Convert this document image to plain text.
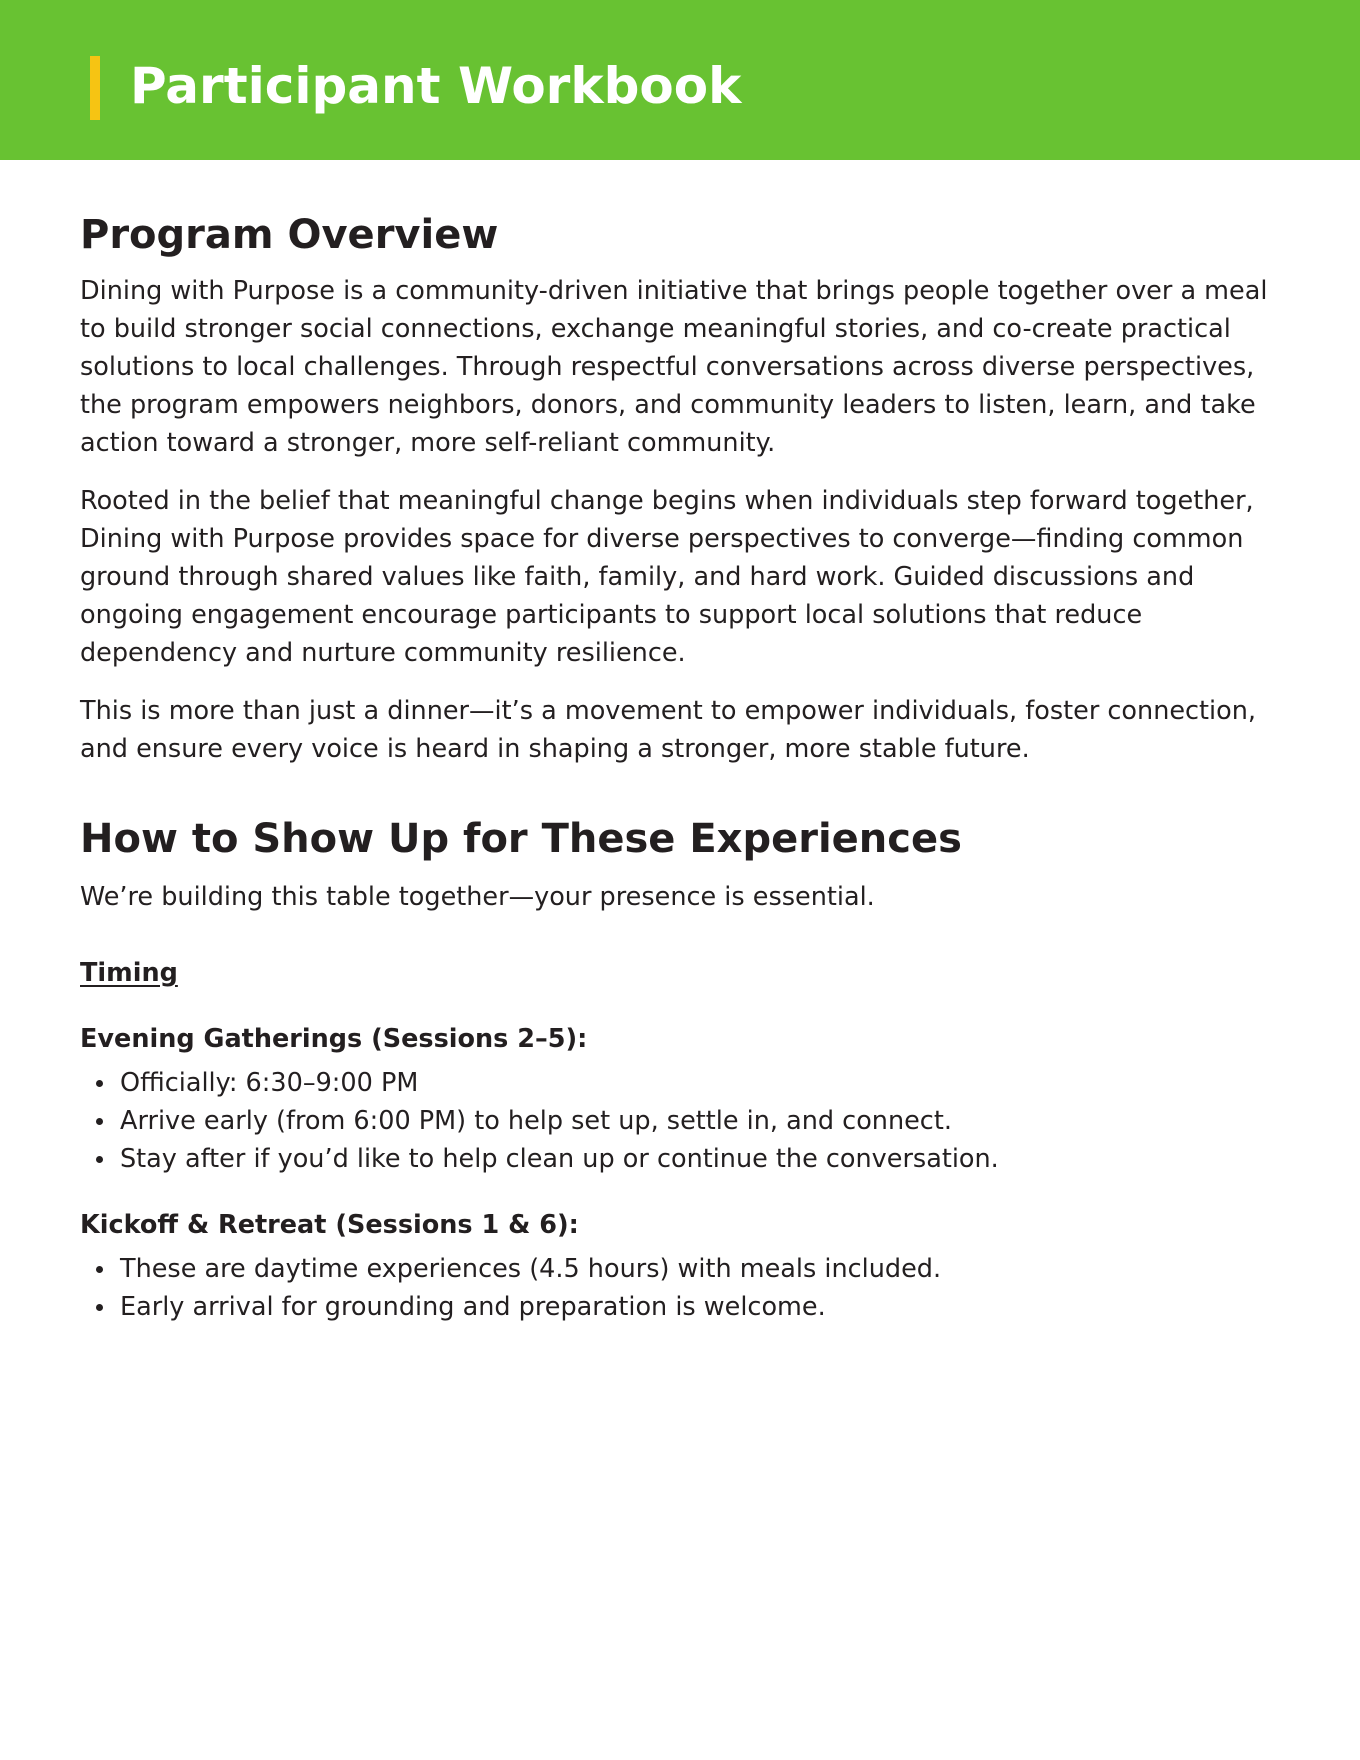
Participant Workbook
Program Overview

Dining with Purpose is a community-driven initiative that brings people together over a meal to build stronger social connections, exchange meaningful stories, and co-create practical solutions to local challenges. Through respectful conversations across diverse perspectives, the program empowers neighbors, donors, and community leaders to listen, learn, and take action toward a stronger, more self-reliant community.

Rooted in the belief that meaningful change begins when individuals step forward together, Dining with Purpose provides space for diverse perspectives to converge—finding common ground through shared values like faith, family, and hard work. Guided discussions and ongoing engagement encourage participants to support local solutions that reduce dependency and nurture community resilience.

This is more than just a dinner—it’s a movement to empower individuals, foster connection, and ensure every voice is heard in shaping a stronger, more stable future.

How to Show Up for These Experiences

We’re building this table together—your presence is essential.

Timing

Evening Gatherings (Sessions 2–5):
Officially: 6:30–9:00 PM
Arrive early (from 6:00 PM) to help set up, settle in, and connect.
Stay after if you’d like to help clean up or continue the conversation.
Kickoff & Retreat (Sessions 1 & 6):
These are daytime experiences (4.5 hours) with meals included.
Early arrival for grounding and preparation is welcome.
